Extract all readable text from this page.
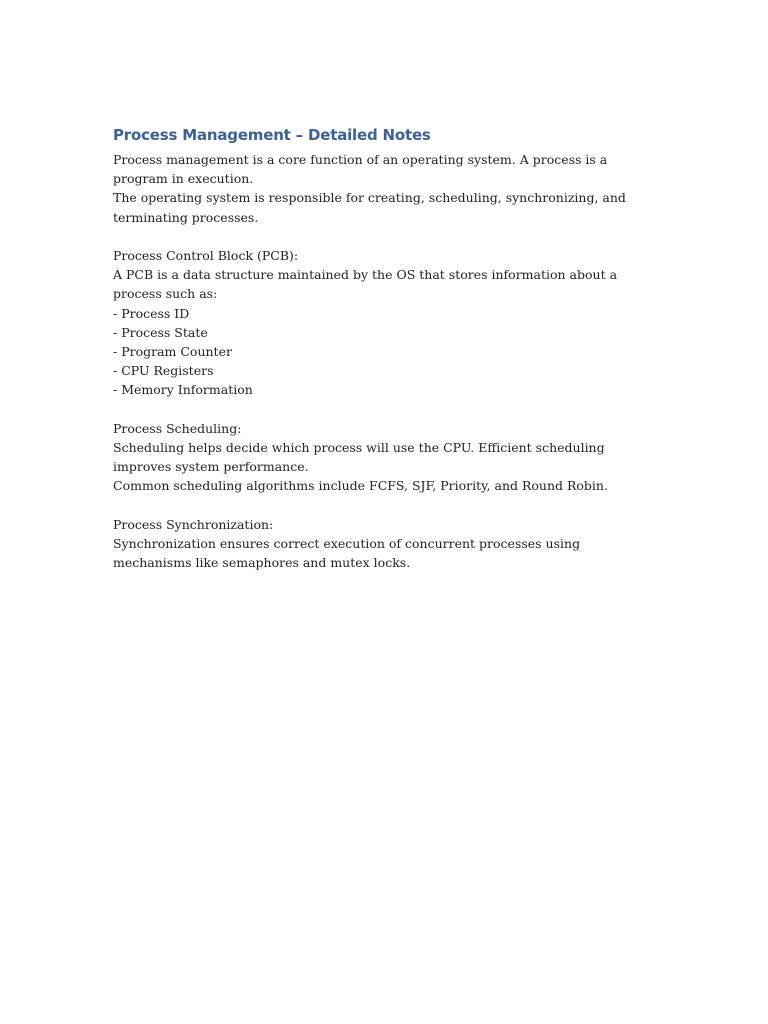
Process Management – Detailed Notes
Process management is a core function of an operating system. A process is a program in execution.
The operating system is responsible for creating, scheduling, synchronizing, and terminating processes.
Process Control Block (PCB):
A PCB is a data structure maintained by the OS that stores information about a process such as:
- Process ID
- Process State
- Program Counter
- CPU Registers
- Memory Information
Process Scheduling:
Scheduling helps decide which process will use the CPU. Efficient scheduling improves system performance.
Common scheduling algorithms include FCFS, SJF, Priority, and Round Robin.
Process Synchronization:
Synchronization ensures correct execution of concurrent processes using mechanisms like semaphores and mutex locks.
